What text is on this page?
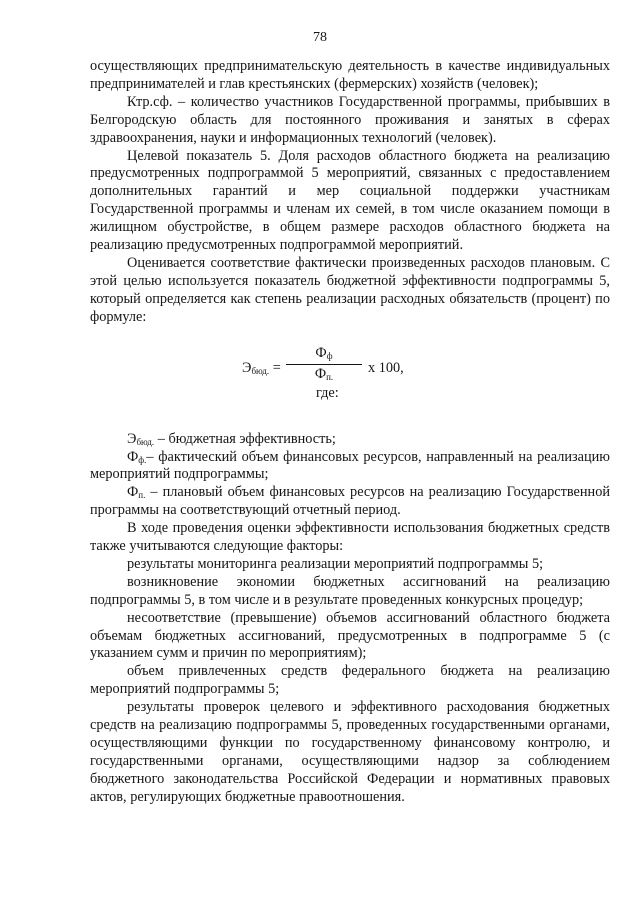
78

осуществляющих предпринимательскую деятельность в качестве индивидуальных предпринимателей и глав крестьянских (фермерских) хозяйств (человек);

Ктр.сф. – количество участников Государственной программы, прибывших в Белгородскую область для постоянного проживания и занятых в сферах здравоохранения, науки и информационных технологий (человек).

Целевой показатель 5. Доля расходов областного бюджета на реализацию предусмотренных подпрограммой 5 мероприятий, связанных с предоставлением дополнительных гарантий и мер социальной поддержки участникам Государственной программы и членам их семей, в том числе оказанием помощи в жилищном обустройстве, в общем размере расходов областного бюджета на реализацию предусмотренных подпрограммой мероприятий.

Оценивается соответствие фактически произведенных расходов плановым. С этой целью используется показатель бюджетной эффективности подпрограммы 5, который определяется как степень реализации расходных обязательств (процент) по формуле:

$Э_{бюд.}$ =
$Ф_ф$
$Ф_{п.}$
x 100,
где:

$Э_{бюд.}$ – бюджетная эффективность;

$Ф_{ф.}-$ фактический объем финансовых ресурсов, направленный на реализацию мероприятий подпрограммы;

$Ф_{п.}$ – плановый объем финансовых ресурсов на реализацию Государственной программы на соответствующий отчетный период.

В ходе проведения оценки эффективности использования бюджетных средств также учитываются следующие факторы:

результаты мониторинга реализации мероприятий подпрограммы 5;

возникновение экономии бюджетных ассигнований на реализацию подпрограммы 5, в том числе и в результате проведенных конкурсных процедур;

несоответствие (превышение) объемов ассигнований областного бюджета объемам бюджетных ассигнований, предусмотренных в подпрограмме 5 (с указанием сумм и причин по мероприятиям);

объем привлеченных средств федерального бюджета на реализацию мероприятий подпрограммы 5;

результаты проверок целевого и эффективного расходования бюджетных средств на реализацию подпрограммы 5, проведенных государственными органами, осуществляющими функции по государственному финансовому контролю, и государственными органами, осуществляющими надзор за соблюдением бюджетного законодательства Российской Федерации и нормативных правовых актов, регулирующих бюджетные правоотношения.
